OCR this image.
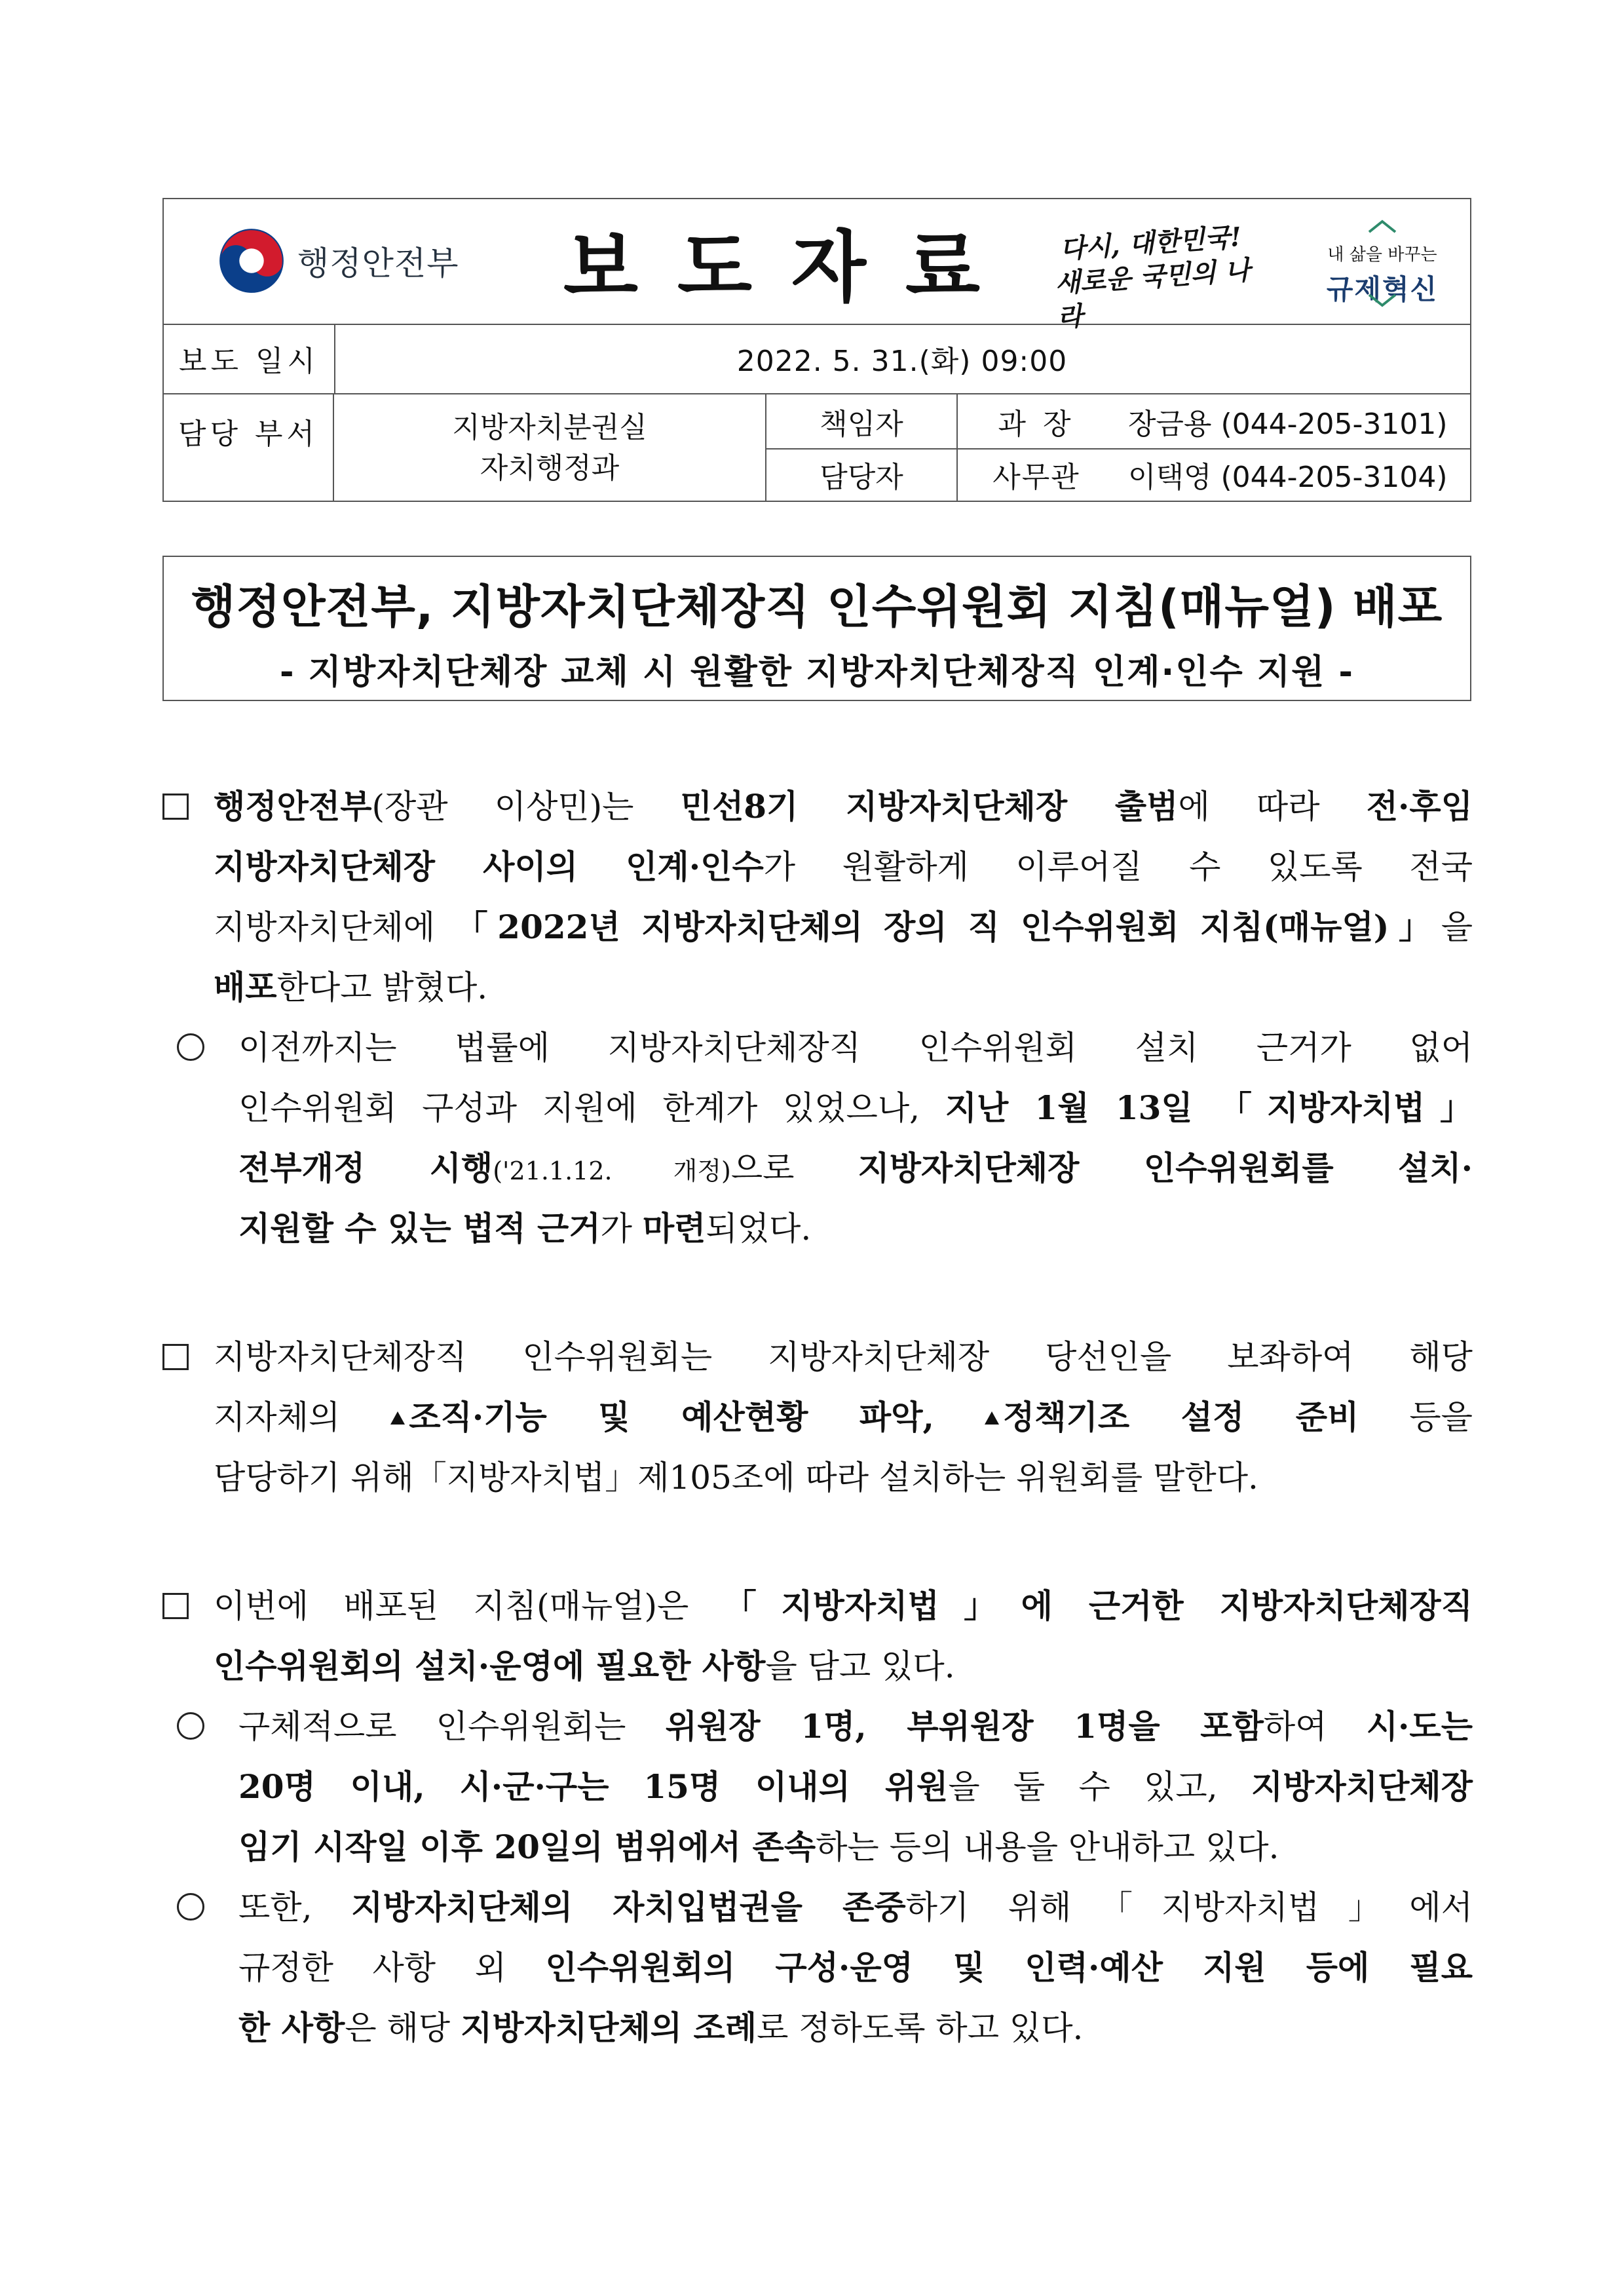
행정안전부 보도자료	다시, 대한민국!
새로운 국민의 나라
내 삶을 바꾸는
규제혁신
보도 일시	2022. 5. 31.(화) 09:00
담당 부서	지방자치분권실
자치행정과
책임자	과 장	장금용 (044-205-3101)
담당자	사무관	이택영 (044-205-3104)
행정안전부, 지방자치단체장직 인수위원회 지침(매뉴얼) 배포
- 지방자치단체장 교체 시 원활한 지방자치단체장직 인계·인수 지원 -
행정안전부(장관 이상민)는 민선8기 지방자치단체장 출범에 따라 전·후임
지방자치단체장 사이의 인계·인수가 원활하게 이루어질 수 있도록 전국
지방자치단체에 「2022년 지방자치단체의 장의 직 인수위원회 지침(매뉴얼)」을
배포한다고 밝혔다.
이전까지는 법률에 지방자치단체장직 인수위원회 설치 근거가 없어
인수위원회 구성과 지원에 한계가 있었으나, 지난 1월 13일 「지방자치법」
전부개정 시행('21.1.12. 개정)으로 지방자치단체장 인수위원회를 설치·
지원할 수 있는 법적 근거가 마련되었다.
지방자치단체장직 인수위원회는 지방자치단체장 당선인을 보좌하여 해당
지자체의 조직·기능 및 예산현황 파악, 정책기조 설정 준비 등을
담당하기 위해「지방자치법」제105조에 따라 설치하는 위원회를 말한다.
이번에 배포된 지침(매뉴얼)은 「지방자치법」에 근거한 지방자치단체장직
인수위원회의 설치·운영에 필요한 사항을 담고 있다.
구체적으로 인수위원회는 위원장 1명, 부위원장 1명을 포함하여 시·도는
20명 이내, 시·군·구는 15명 이내의 위원을 둘 수 있고, 지방자치단체장
임기 시작일 이후 20일의 범위에서 존속하는 등의 내용을 안내하고 있다.
또한, 지방자치단체의 자치입법권을 존중하기 위해「지방자치법」에서
규정한 사항 외 인수위원회의 구성·운영 및 인력·예산 지원 등에 필요
한 사항은 해당 지방자치단체의 조례로 정하도록 하고 있다.
